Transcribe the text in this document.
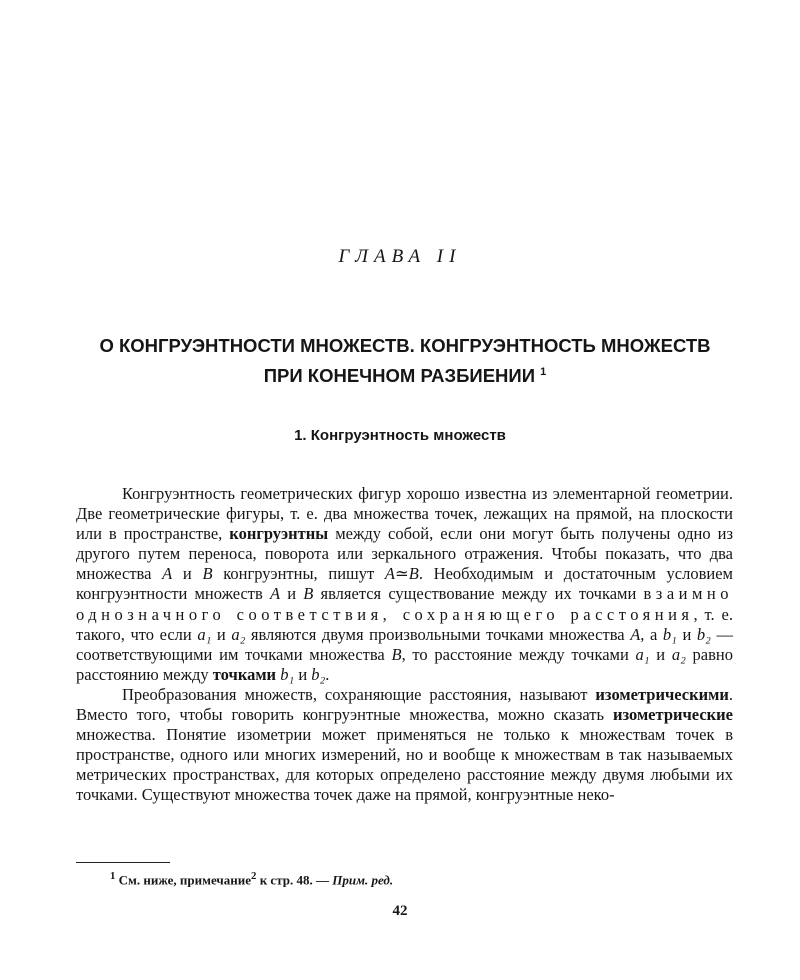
ГЛАВА II
О КОНГРУЭНТНОСТИ МНОЖЕСТВ. КОНГРУЭНТНОСТЬ МНОЖЕСТВ
ПРИ КОНЕЧНОМ РАЗБИЕНИИ $^1$
1. Конгруэнтность множеств

Конгруэнтность геометрических фигур хорошо известна из элементарной геометрии. Две геометрические фигуры, т. е. два множества точек, лежащих на прямой, на плоскости или в пространстве, конгруэнтны между собой, если они могут быть получены одно из другого путем переноса, поворота или зеркального отражения. Чтобы показать, что два множества A и B конгруэнтны, пишут A≃B. Необходимым и достаточным условием конгруэнтности множеств A и B является существование между их точками взаимно однозначного соответствия, сохраняющего расстояния, т. е. такого, что если a₁ и a₂ являются двумя произвольными точками множества A, а b₁ и b₂ — соответствующими им точками множества B, то расстояние между точками a₁ и a₂ равно расстоянию между точками b₁ и b₂.

Преобразования множеств, сохраняющие расстояния, называют изометрическими. Вместо того, чтобы говорить конгруэнтные множества, можно сказать изометрические множества. Понятие изометрии может применяться не только к множествам точек в пространстве, одного или многих измерений, но и вообще к множествам в так называемых метрических пространствах, для которых определено расстояние между двумя любыми их точками. Существуют множества точек даже на прямой, конгруэнтные неко-

$^1$ См. ниже, примечание$^2$ к стр. 48. — Прим. ред.
42
